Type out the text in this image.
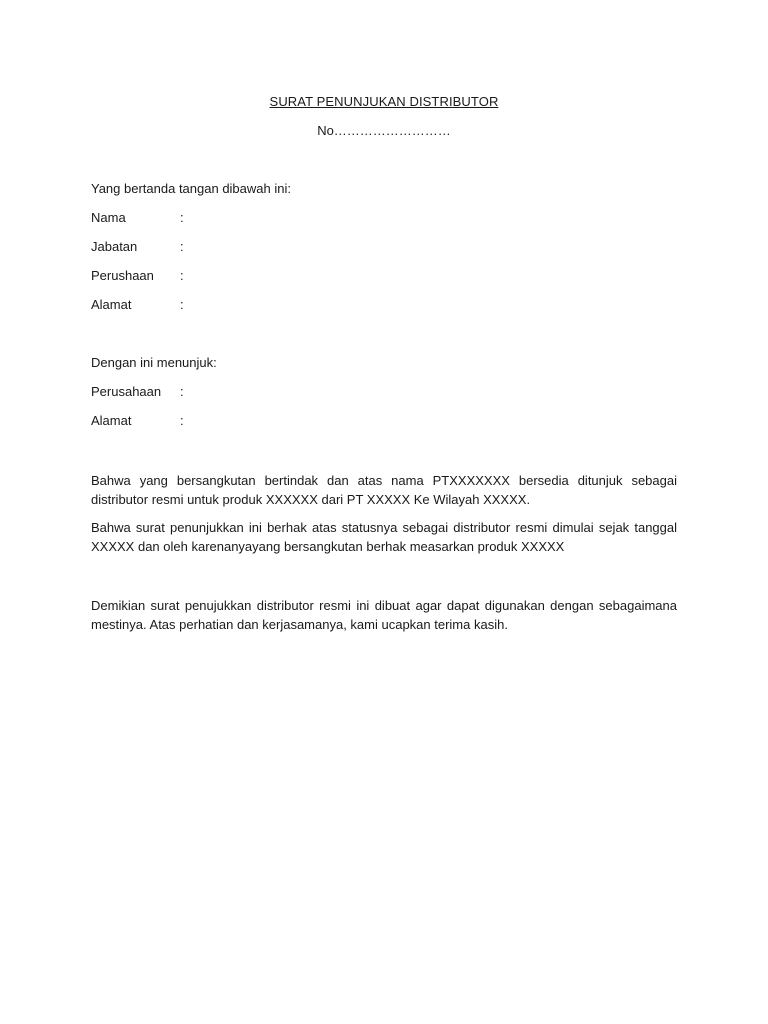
SURAT PENUNJUKAN DISTRIBUTOR
No………………………
Yang bertanda tangan dibawah ini:
Nama	:
Jabatan	:
Perushaan :
Alamat	:
Dengan ini menunjuk:
Perusahaan :
Alamat	:
Bahwa yang bersangkutan bertindak dan atas nama PTXXXXXXX bersedia ditunjuk sebagai distributor resmi untuk produk XXXXXX dari PT XXXXX Ke Wilayah XXXXX.
Bahwa surat penunjukkan ini berhak atas statusnya sebagai distributor resmi dimulai sejak tanggal XXXXX dan oleh karenanyayang bersangkutan berhak measarkan produk XXXXX
Demikian surat penujukkan distributor resmi ini dibuat agar dapat digunakan dengan sebagaimana mestinya. Atas perhatian dan kerjasamanya, kami ucapkan terima kasih.
